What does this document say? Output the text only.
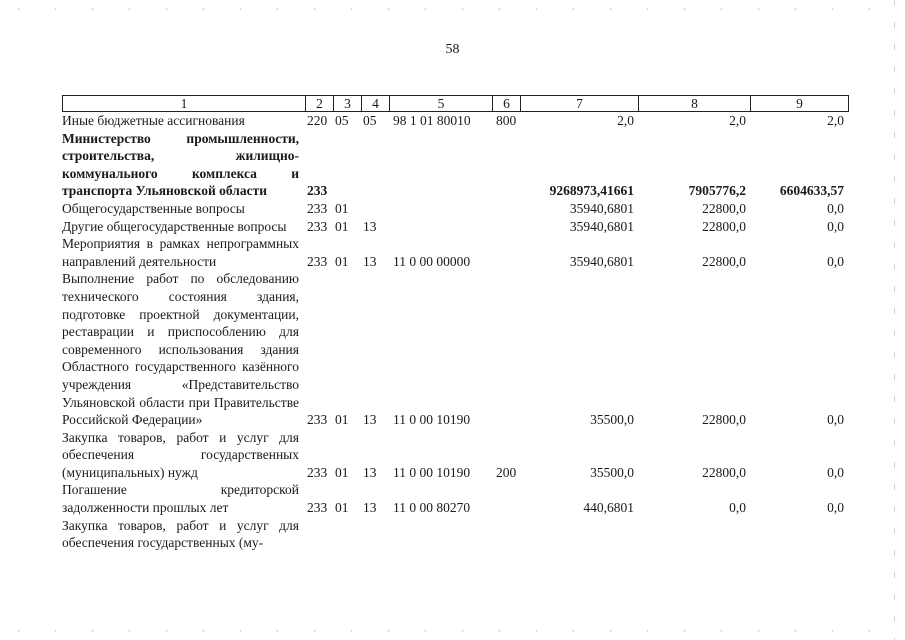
58
1	2	3	4	5	6	7	8	9
Иные бюджетные ассигнования	220	05	05	98 1 01 80010	800	2,0	2,0	2,0

Министерство промышленности, строительства, жилищно-коммунального комплекса и транспорта Ульяновской области	233					9268973,41661	7905776,2	6604633,57

Общегосударственные вопросы	233	01				35940,6801	22800,0	0,0

Другие общегосударственные вопросы	233	01	13			35940,6801	22800,0	0,0

Мероприятия в рамках непрограммных направлений деятельности	233	01	13	11 0 00 00000		35940,6801	22800,0	0,0

Выполнение работ по обследованию технического состояния здания, подготовке проектной документации, реставрации и приспособлению для современного использования здания Областного государственного казённого учреждения «Представительство Ульяновской области при Правительстве Российской Федерации»	233	01	13	11 0 00 10190		35500,0	22800,0	0,0

Закупка товаров, работ и услуг для обеспечения государственных (муниципальных) нужд	233	01	13	11 0 00 10190	200	35500,0	22800,0	0,0

Погашение кредиторской задолженности прошлых лет	233	01	13	11 0 00 80270		440,6801	0,0	0,0

Закупка товаров, работ и услуг для обеспечения государственных (му-								
